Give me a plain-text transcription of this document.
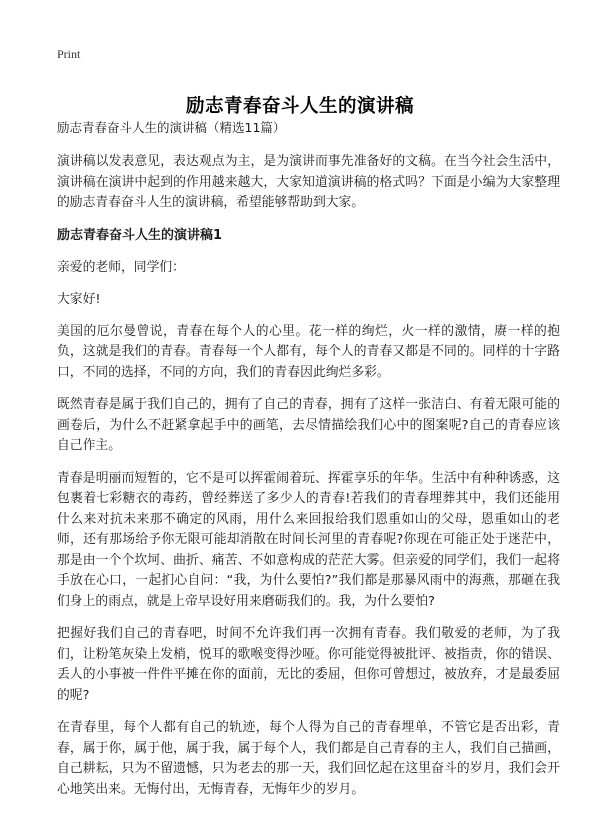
Print
励志青春奋斗人生的演讲稿

励志青春奋斗人生的演讲稿（精选11篇）

演讲稿以发表意见，表达观点为主，是为演讲而事先准备好的文稿。在当今社会生活中，演讲稿在演讲中起到的作用越来越大，大家知道演讲稿的格式吗？下面是小编为大家整理的励志青春奋斗人生的演讲稿，希望能够帮助到大家。

励志青春奋斗人生的演讲稿1

亲爱的老师，同学们：

大家好!

美国的厄尔曼曾说，青春在每个人的心里。花一样的绚烂，火一样的激情，赓一样的抱负，这就是我们的青春。青春每一个人都有，每个人的青春又都是不同的。同样的十字路口，不同的选择，不同的方向，我们的青春因此绚烂多彩。

既然青春是属于我们自己的，拥有了自己的青春，拥有了这样一张洁白、有着无限可能的画卷后，为什么不赶紧拿起手中的画笔，去尽情描绘我们心中的图案呢?自己的青春应该自己作主。

青春是明丽而短暂的，它不是可以挥霍闹着玩、挥霍享乐的年华。生活中有种种诱惑，这包裹着七彩糖衣的毒药，曾经葬送了多少人的青春!若我们的青春埋葬其中，我们还能用什么来对抗未来那不确定的风雨，用什么来回报给我们恩重如山的父母，恩重如山的老师，还有那场给予你无限可能却消散在时间长河里的青春呢?你现在可能正处于迷茫中，那是由一个个坎坷、曲折、痛苦、不如意构成的茫茫大雾。但亲爱的同学们，我们一起将手放在心口，一起扪心自问：“我，为什么要怕?”我们都是那暴风雨中的海燕，那砸在我们身上的雨点，就是上帝早设好用来磨砺我们的。我，为什么要怕?

把握好我们自己的青春吧，时间不允许我们再一次拥有青春。我们敬爱的老师，为了我们，让粉笔灰染上发梢，悦耳的歌喉变得沙哑。你可能觉得被批评、被指责，你的错误、丢人的小事被一件件平摊在你的面前，无比的委屈，但你可曾想过，被放弃，才是最委屈的呢?

在青春里，每个人都有自己的轨迹，每个人得为自己的青春埋单，不管它是否出彩，青春，属于你，属于他，属于我，属于每个人，我们都是自己青春的主人，我们自己描画，自己耕耘，只为不留遗憾，只为老去的那一天，我们回忆起在这里奋斗的岁月，我们会开心地笑出来。无悔付出，无悔青春，无悔年少的岁月。
